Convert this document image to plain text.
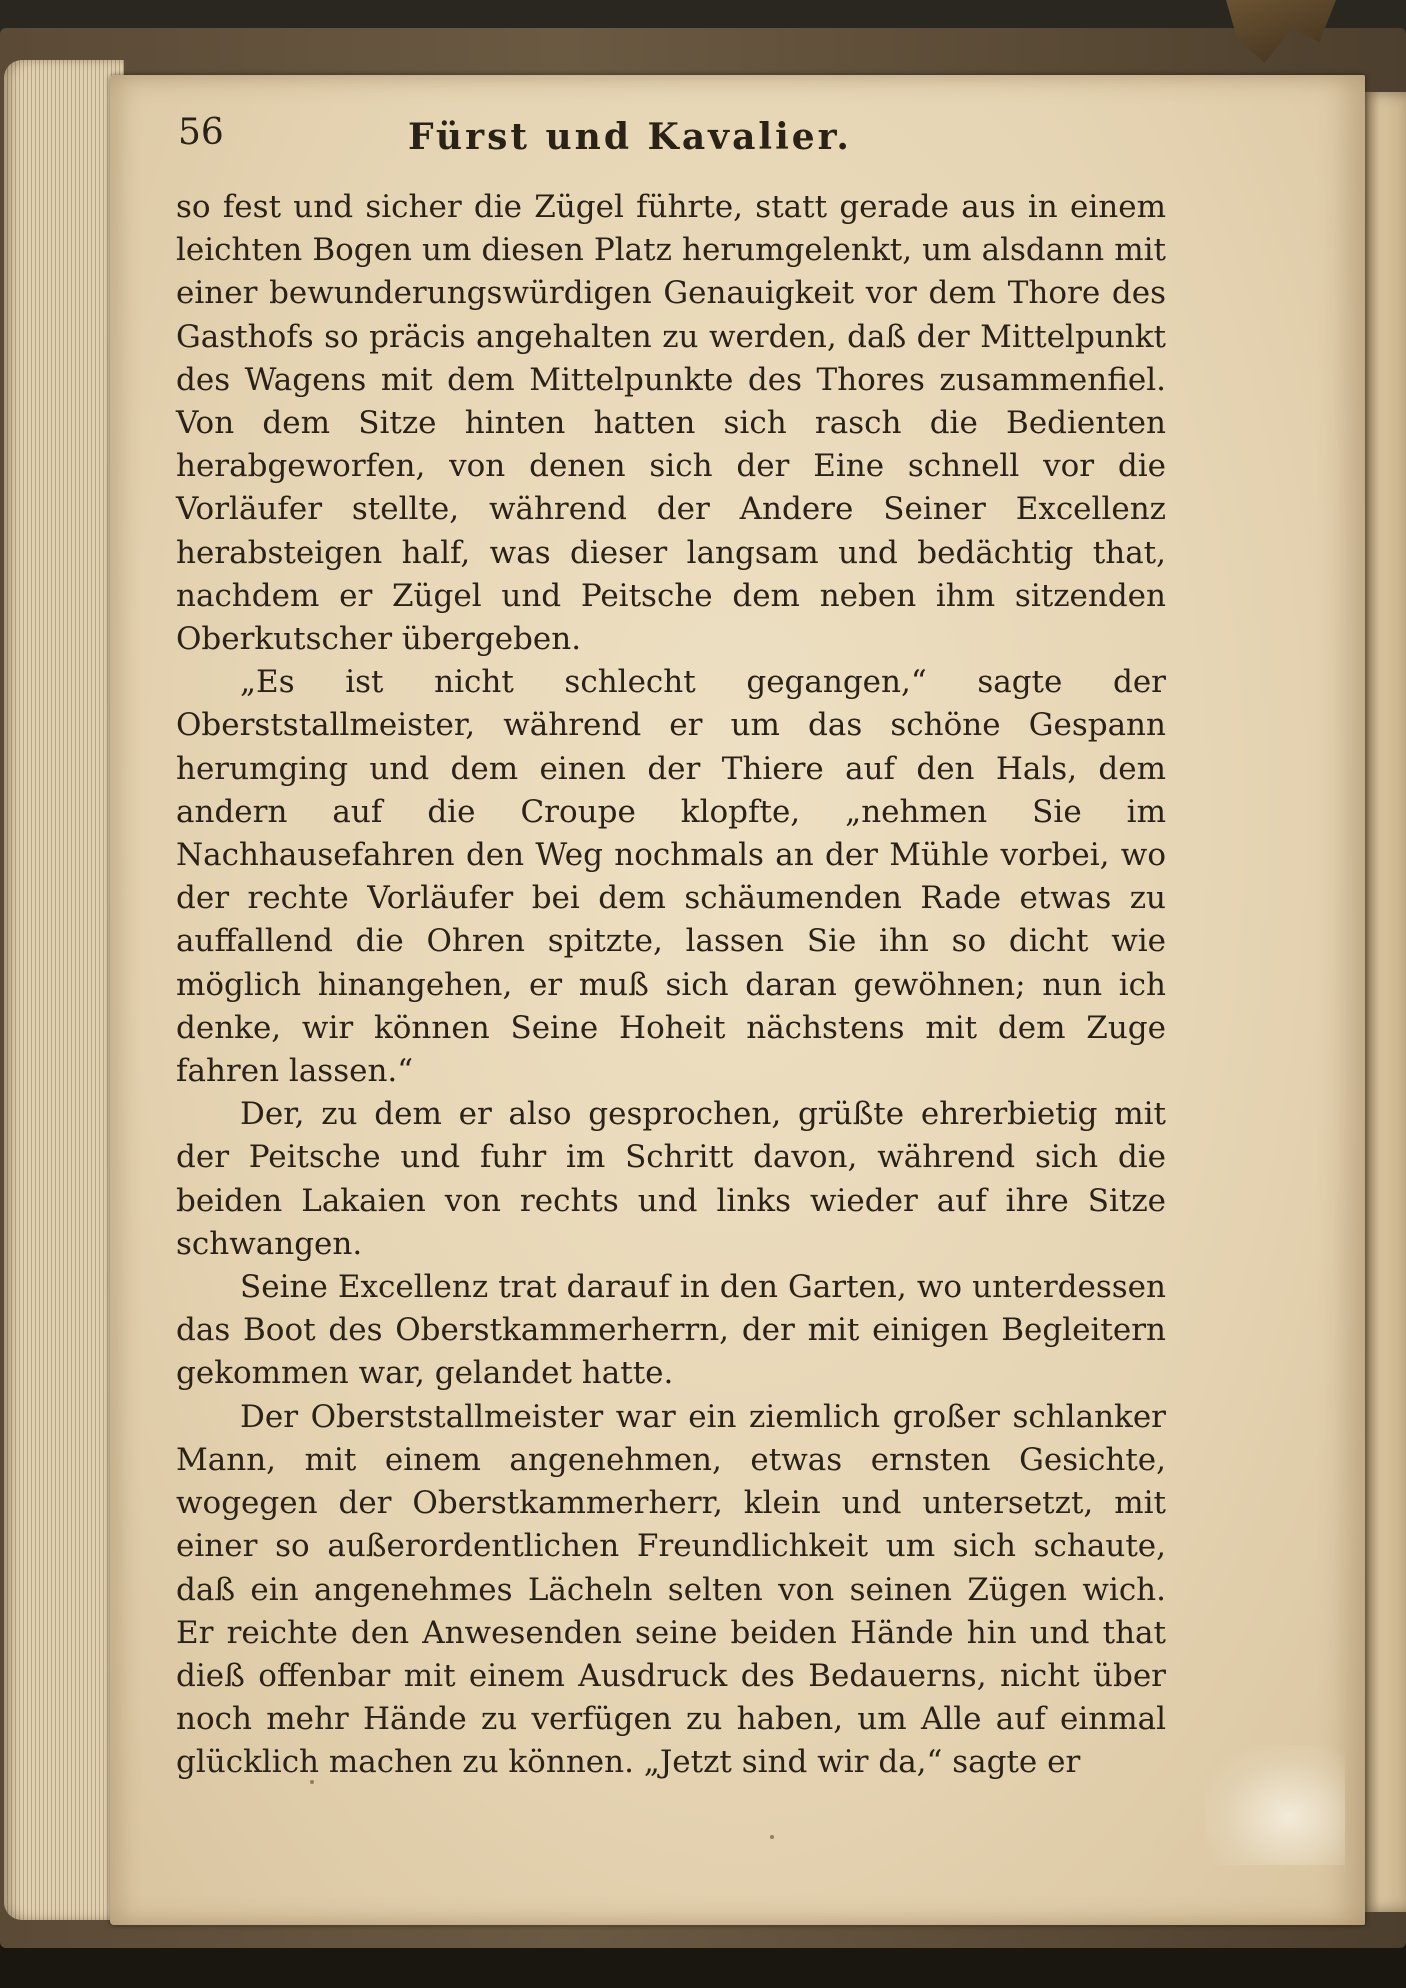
56	Fürst und Kavalier.

so fest und sicher die Zügel führte, statt gerade aus in einem leichten Bogen um diesen Platz herumgelenkt, um alsdann mit einer bewunderungswürdigen Genauigkeit vor dem Thore des Gasthofs so präcis angehalten zu werden, daß der Mittelpunkt des Wagens mit dem Mittelpunkte des Thores zusammenfiel. Von dem Sitze hinten hatten sich rasch die Bedienten herabgeworfen, von denen sich der Eine schnell vor die Vorläufer stellte, während der Andere Seiner Excellenz herabsteigen half, was dieser langsam und bedächtig that, nachdem er Zügel und Peitsche dem neben ihm sitzenden Oberkutscher übergeben.

„Es ist nicht schlecht gegangen,“ sagte der Oberststallmeister, während er um das schöne Gespann herumging und dem einen der Thiere auf den Hals, dem andern auf die Croupe klopfte, „nehmen Sie im Nachhausefahren den Weg nochmals an der Mühle vorbei, wo der rechte Vorläufer bei dem schäumenden Rade etwas zu auffallend die Ohren spitzte, lassen Sie ihn so dicht wie möglich hinangehen, er muß sich daran gewöhnen; nun ich denke, wir können Seine Hoheit nächstens mit dem Zuge fahren lassen.“

Der, zu dem er also gesprochen, grüßte ehrerbietig mit der Peitsche und fuhr im Schritt davon, während sich die beiden Lakaien von rechts und links wieder auf ihre Sitze schwangen.

Seine Excellenz trat darauf in den Garten, wo unterdessen das Boot des Oberstkammerherrn, der mit einigen Begleitern gekommen war, gelandet hatte.

Der Oberststallmeister war ein ziemlich großer schlanker Mann, mit einem angenehmen, etwas ernsten Gesichte, wogegen der Oberstkammerherr, klein und untersetzt, mit einer so außerordentlichen Freundlichkeit um sich schaute, daß ein angenehmes Lächeln selten von seinen Zügen wich. Er reichte den Anwesenden seine beiden Hände hin und that dieß offenbar mit einem Ausdruck des Bedauerns, nicht über noch mehr Hände zu verfügen zu haben, um Alle auf einmal glücklich machen zu können. „Jetzt sind wir da,“ sagte er
